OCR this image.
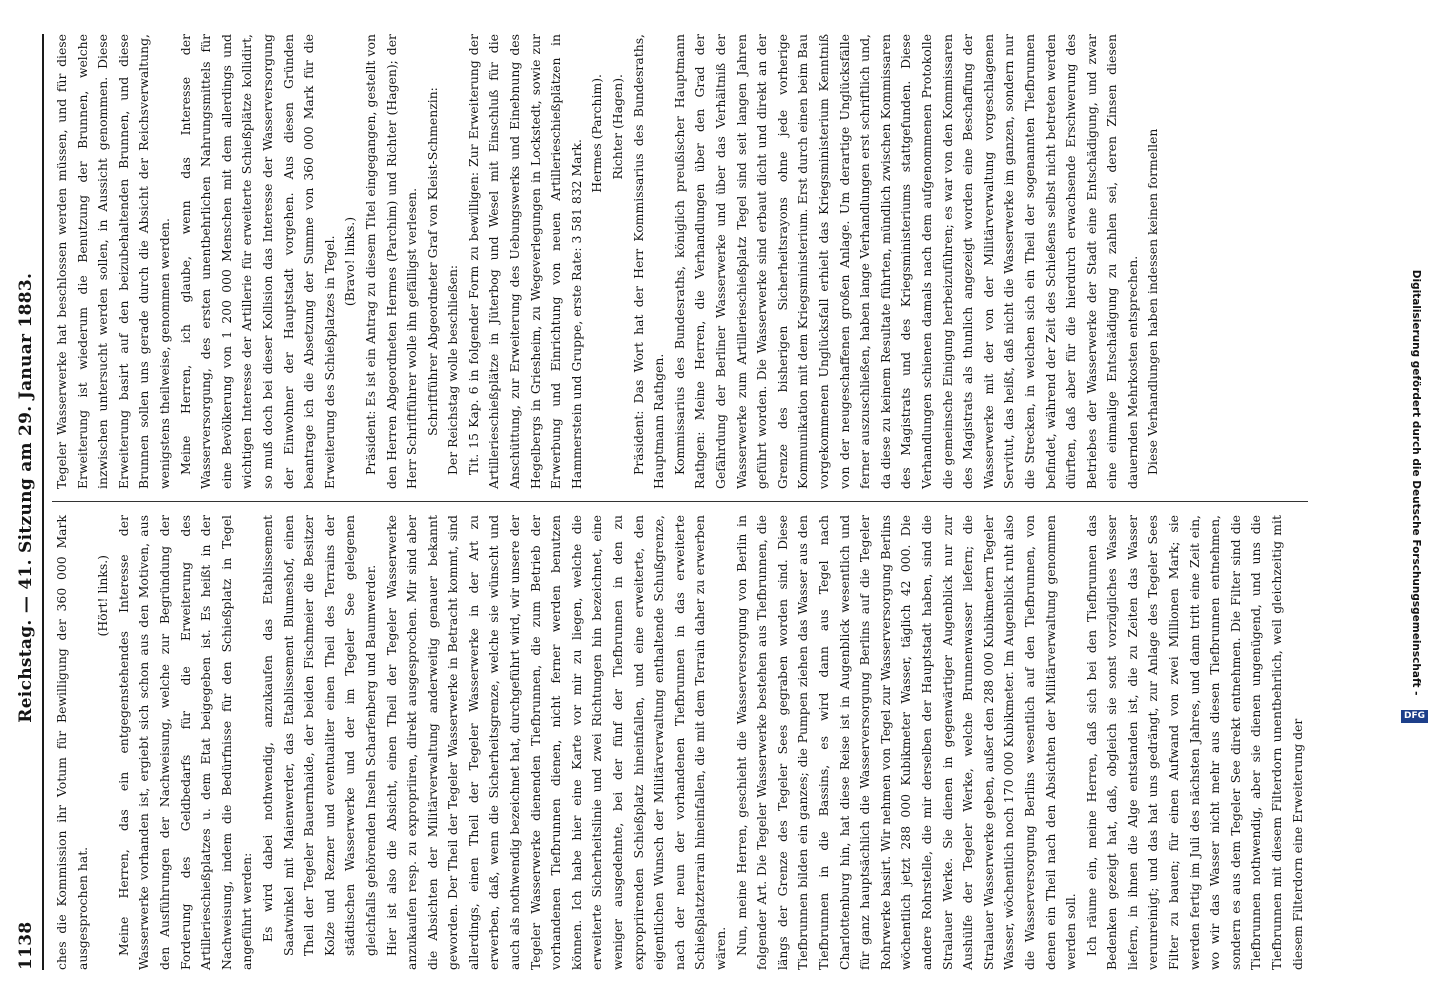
1138
Reichstag. — 41. Sitzung am 29. Januar 1883.

ches die Kommission ihr Votum für Bewilligung der 360 000 Mark ausgesprochen hat.

(Hört! links.) Meine Herren, das ein entgegenstehendes Interesse der Wasserwerke vorhanden ist, ergiebt sich schon aus den Motiven, aus den Ausführungen der Nachweisung, welche zur Begründung der Forderung des Geldbedarfs für die Erweiterung des Artillerieschießplatzes u. dem Etat beigegeben ist. Es heißt in der Nachweisung, indem die Bedürfnisse für den Schießplatz in Tegel angeführt werden: Es wird dabei nothwendig, anzukaufen das Etablissement Saatwinkel mit Maienwerder, das Etablissement Blumeshof, einen Theil der Tegeler Bauernhaide, der beiden Fischmeier die Besitzer Kolze und Rezner und eventualiter einen Theil des Terrains der städtischen Wasserwerke und der im Tegeler See gelegenen gleichfalls gehörenden Inseln Scharfenberg und Baumwerder. Hier ist also die Absicht, einen Theil der Tegeler Wasserwerke anzukaufen resp. zu expropriiren, direkt ausgesprochen. Mir sind aber die Absichten der Militärverwaltung anderweitig genauer bekannt geworden. Der Theil der Tegeler Wasserwerke in Betracht kommt, sind allerdings, einen Theil der Tegeler Wasserwerke in der Art zu erwerben, daß, wenn die Sicherheitsgrenze, welche sie wünscht und auch als nothwendig bezeichnet hat, durchgeführt wird, wir unsere der Tegeler Wasserwerke dienenden Tiefbrunnen, die zum Betrieb der vorhandenen Tiefbrunnen dienen, nicht ferner werden benutzen können. Ich habe hier eine Karte vor mir zu liegen, welche die erweiterte Sicherheitslinie und zwei Richtungen hin bezeichnet, eine weniger ausgedehnte, bei der fünf der Tiefbrunnen in den zu expropriirenden Schießplatz hineinfallen, und eine erweiterte, den eigentlichen Wunsch der Militärverwaltung enthaltende Schußgrenze, nach der neun der vorhandenen Tiefbrunnen in das erweiterte Schießplatzterrain hineinfallen, die mit dem Terrain daher zu erwerben wären. Nun, meine Herren, geschieht die Wasserversorgung von Berlin in folgender Art. Die Tegeler Wasserwerke bestehen aus Tiefbrunnen, die längs der Grenze des Tegeler Sees gegraben worden sind. Diese Tiefbrunnen bilden ein ganzes; die Pumpen ziehen das Wasser aus den Tiefbrunnen in die Bassins, es wird dann aus Tegel nach Charlottenburg hin, hat diese Reise ist in Augenblick wesentlich und für ganz hauptsächlich die Wasserversorgung Berlins auf die Tegeler Rohrwerke basirt. Wir nehmen von Tegel zur Wasserversorgung Berlins wöchentlich jetzt 288 000 Kubikmeter Wasser, täglich 42 000. Die andere Rohrstelle, die mir derselben der Hauptstadt haben, sind die Stralauer Werke. Sie dienen in gegenwärtiger Augenblick nur zur Aushülfe der Tegeler Werke, welche Brunnenwasser liefern; die Stralauer Wasserwerke geben, außer den 288 000 Kubikmetern Tegeler Wasser, wöchentlich noch 170 000 Kubikmeter. Im Augenblick ruht also die Wasserversorgung Berlins wesentlich auf den Tiefbrunnen, von denen ein Theil nach den Absichten der Militärverwaltung genommen werden soll. Ich räume ein, meine Herren, daß sich bei den Tiefbrunnen das Bedenken gezeigt hat, daß, obgleich sie sonst vorzügliches Wasser liefern, in ihnen die Alge entstanden ist, die zu Zeiten das Wasser verunreinigt; und das hat uns gedrängt, zur Anlage des Tegeler Sees Filter zu bauen; für einen Aufwand von zwei Millionen Mark; sie werden fertig im Juli des nächsten Jahres, und dann tritt eine Zeit ein, wo wir das Wasser nicht mehr aus diesen Tiefbrunnen entnehmen, sondern es aus dem Tegeler See direkt entnehmen. Die Filter sind die Tiefbrunnen nothwendig, aber sie dienen ungenügend, und uns die Tiefbrunnen mit diesem Filterdorn unentbehrlich, weil gleichzeitig mit diesem Filterdorn eine Erweiterung der

Tegeler Wasserwerke hat beschlossen werden müssen, und für diese Erweiterung ist wiederum die Benutzung der Brunnen, welche inzwischen untersucht werden sollen, in Aussicht genommen. Diese Erweiterung basirt auf den beizubehaltenden Brunnen, und diese Brunnen sollen uns gerade durch die Absicht der Reichsverwaltung, wenigstens theilweise, genommen werden. Meine Herren, ich glaube, wenn das Interesse der Wasserversorgung, des ersten unentbehrlichen Nahrungsmittels für eine Bevölkerung von 1 200 000 Menschen mit dem allerdings und wichtigen Interesse der Artillerie für erweiterte Schießplätze kollidirt, so muß doch bei dieser Kollision das Interesse der Wasserversorgung der Einwohner der Hauptstadt vorgehen. Aus diesen Gründen beantrage ich die Absetzung der Summe von 360 000 Mark für die Erweiterung des Schießplatzes in Tegel. (Bravo! links.) Präsident: Es ist ein Antrag zu diesem Titel eingegangen, gestellt von den Herren Abgeordneten Hermes (Parchim) und Richter (Hagen); der Herr Schriftführer wolle ihn gefälligst verlesen. Schriftführer Abgeordneter Graf von Kleist-Schmenzin: Der Reichstag wolle beschließen: Tit. 15 Kap. 6 in folgender Form zu bewilligen: Zur Erweiterung der Artillerieschießplätze in Jüterbog und Wesel mit Einschluß für die Anschüttung, zur Erweiterung des Uebungswerks und Einebnung des Hegelbergs in Griesheim, zu Wegeverlegungen in Lockstedt, sowie zur Erwerbung und Einrichtung von neuen Artillerieschießplätzen in Hammerstein und Gruppe, erste Rate: 3 581 832 Mark.

Hermes (Parchim). Richter (Hagen). Präsident: Das Wort hat der Herr Kommissarius des Bundesraths, Hauptmann Rathgen. Kommissarius des Bundesraths, königlich preußischer Hauptmann Rathgen: Meine Herren, die Verhandlungen über den Grad der Gefährdung der Berliner Wasserwerke und über das Verhältniß der Wasserwerke zum Artillerieschießplatz Tegel sind seit langen Jahren geführt worden. Die Wasserwerke sind erbaut dicht und direkt an der Grenze des bisherigen Sicherheitsrayons ohne jede vorherige Kommunikation mit dem Kriegsministerium. Erst durch einen beim Bau vorgekommenen Unglücksfall erhielt das Kriegsministerium Kenntniß von der neugeschaffenen großen Anlage. Um derartige Unglücksfälle ferner auszuschließen, haben lange Verhandlungen erst schriftlich und, da diese zu keinem Resultate führten, mündlich zwischen Kommissaren des Magistrats und des Kriegsministeriums stattgefunden. Diese Verhandlungen schienen damals nach dem aufgenommenen Protokolle die gemeinsche Einigung herbeizuführen; es war von den Kommissaren des Magistrats als thunlich angezeigt worden eine Beschaffung der Wasserwerke mit der von der Militärverwaltung vorgeschlagenen Servitut, das heißt, daß nicht die Wasserwerke im ganzen, sondern nur die Strecken, in welchen sich ein Theil der sogenannten Tiefbrunnen befindet, während der Zeit des Schießens selbst nicht betreten werden dürften, daß aber für die hierdurch erwachsende Erschwerung des Betriebes der Wasserwerke der Stadt eine Entschädigung, und zwar eine einmalige Entschädigung zu zahlen sei, deren Zinsen diesen dauernden Mehrkosten entsprechen. Diese Verhandlungen haben indessen keinen formellen	Digitalisierung gefördert durch die Deutsche Forschungsgemeinschaft - DFG
